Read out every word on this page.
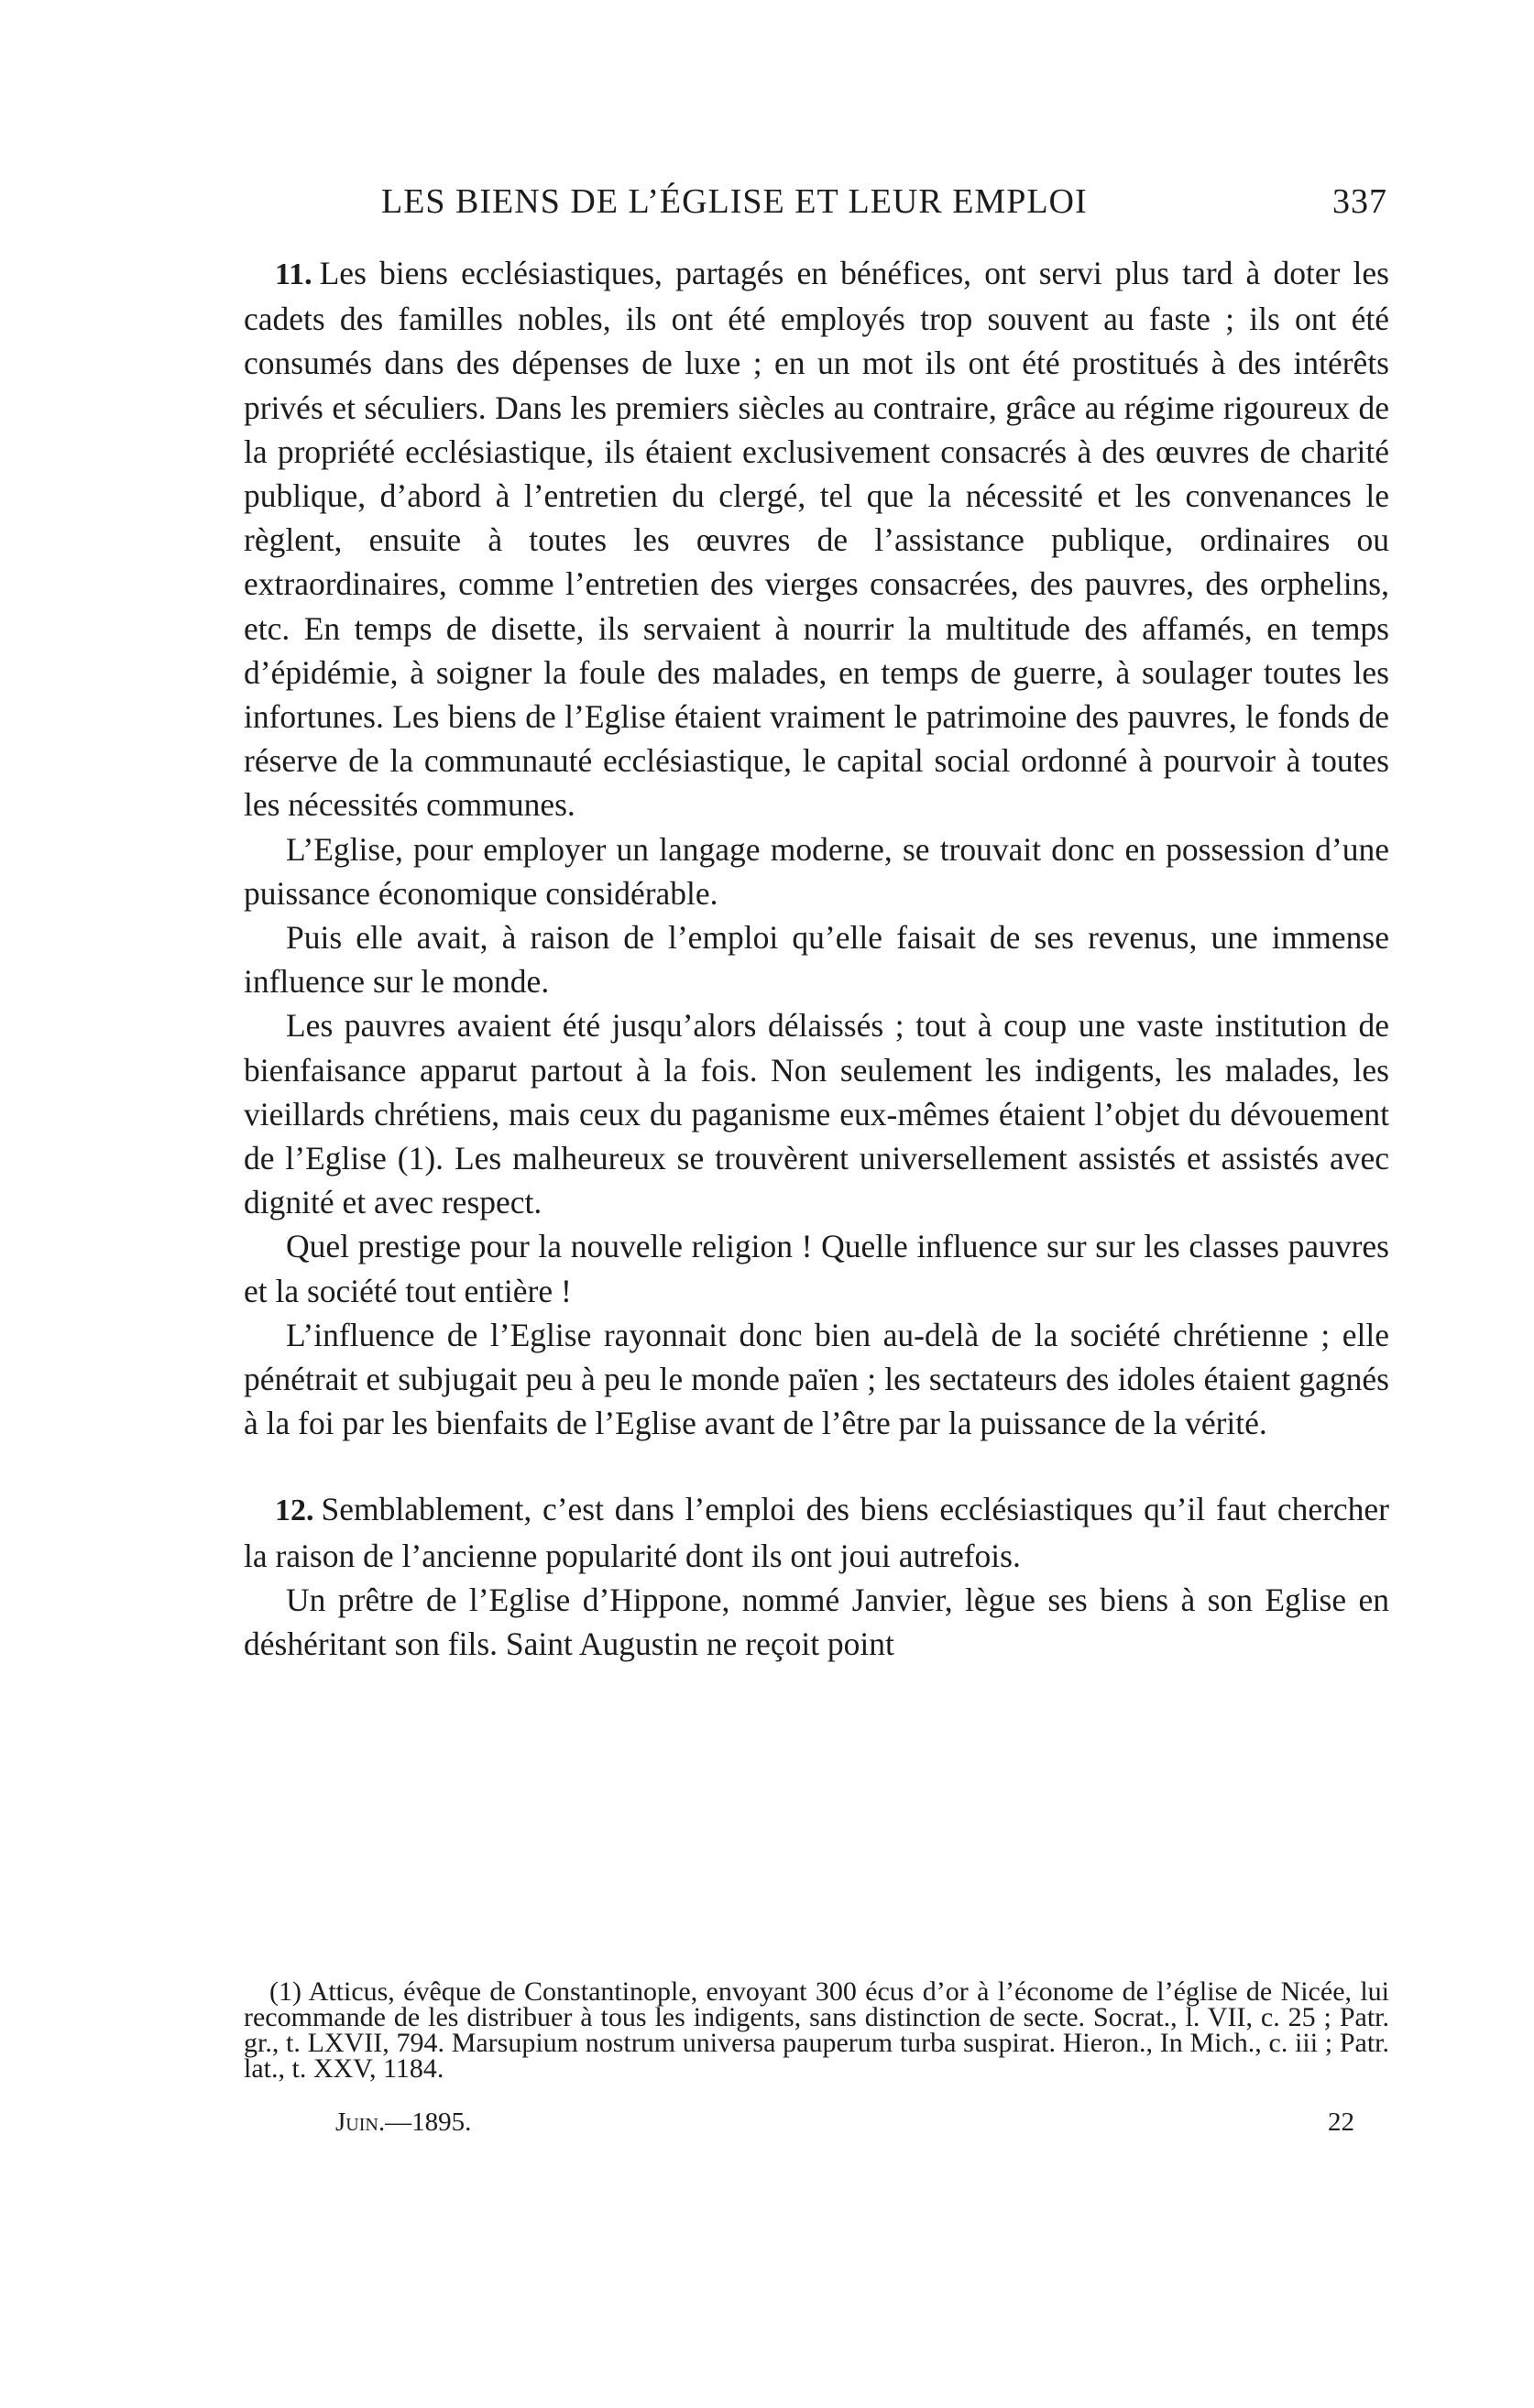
LES BIENS DE L’ÉGLISE ET LEUR EMPLOI	337

11. Les biens ecclésiastiques, partagés en bénéfices, ont servi plus tard à doter les cadets des familles nobles, ils ont été employés trop souvent au faste ; ils ont été consumés dans des dépenses de luxe ; en un mot ils ont été prostitués à des intérêts privés et séculiers. Dans les premiers siècles au contraire, grâce au régime rigoureux de la propriété ecclésiastique, ils étaient exclusivement consacrés à des œuvres de charité publique, d’abord à l’entretien du clergé, tel que la nécessité et les convenances le règlent, ensuite à toutes les œuvres de l’assistance publique, ordinaires ou extraordinaires, comme l’entretien des vierges consacrées, des pauvres, des orphelins, etc. En temps de disette, ils servaient à nourrir la multitude des affamés, en temps d’épidémie, à soigner la foule des malades, en temps de guerre, à soulager toutes les infortunes. Les biens de l’Eglise étaient vraiment le patrimoine des pauvres, le fonds de réserve de la communauté ecclésiastique, le capital social ordonné à pourvoir à toutes les nécessités communes.

L’Eglise, pour employer un langage moderne, se trouvait donc en possession d’une puissance économique considérable.

Puis elle avait, à raison de l’emploi qu’elle faisait de ses revenus, une immense influence sur le monde.

Les pauvres avaient été jusqu’alors délaissés ; tout à coup une vaste institution de bienfaisance apparut partout à la fois. Non seulement les indigents, les malades, les vieillards chrétiens, mais ceux du paganisme eux-mêmes étaient l’objet du dévouement de l’Eglise (1). Les malheureux se trouvèrent universellement assistés et assistés avec dignité et avec respect.

Quel prestige pour la nouvelle religion ! Quelle influence sur sur les classes pauvres et la société tout entière !

L’influence de l’Eglise rayonnait donc bien au-delà de la société chrétienne ; elle pénétrait et subjugait peu à peu le monde païen ; les sectateurs des idoles étaient gagnés à la foi par les bienfaits de l’Eglise avant de l’être par la puissance de la vérité.

12. Semblablement, c’est dans l’emploi des biens ecclésiastiques qu’il faut chercher la raison de l’ancienne popularité dont ils ont joui autrefois.

Un prêtre de l’Eglise d’Hippone, nommé Janvier, lègue ses biens à son Eglise en déshéritant son fils. Saint Augustin ne reçoit point

(1) Atticus, évêque de Constantinople, envoyant 300 écus d’or à l’économe de l’église de Nicée, lui recommande de les distribuer à tous les indigents, sans distinction de secte. Socrat., l. VII, c. 25 ; Patr. gr., t. LXVII, 794. Marsupium nostrum universa pauperum turba suspirat. Hieron., In Mich., c. iii ; Patr. lat., t. XXV, 1184.

Juin.—1895.	22
